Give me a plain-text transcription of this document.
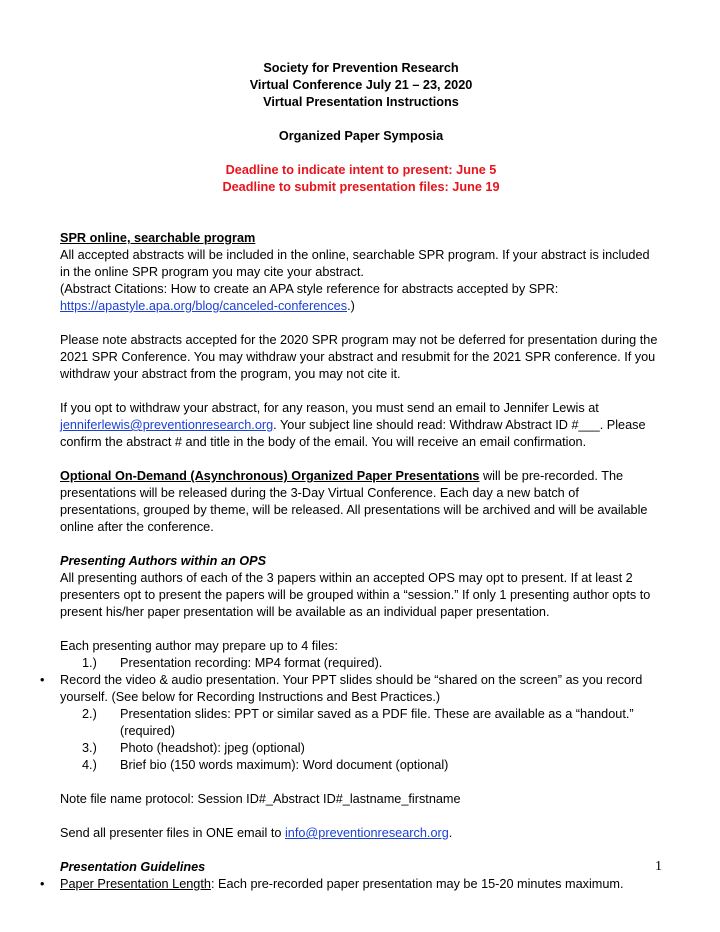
Society for Prevention Research

Virtual Conference July 21 – 23, 2020

Virtual Presentation Instructions

Organized Paper Symposia

Deadline to indicate intent to present: June 5

Deadline to submit presentation files: June 19

SPR online, searchable program

All accepted abstracts will be included in the online, searchable SPR program. If your abstract is included in the online SPR program you may cite your abstract.

(Abstract Citations: How to create an APA style reference for abstracts accepted by SPR:
https://apastyle.apa.org/blog/canceled-conferences.)

Please note abstracts accepted for the 2020 SPR program may not be deferred for presentation during the 2021 SPR Conference. You may withdraw your abstract and resubmit for the 2021 SPR conference. If you withdraw your abstract from the program, you may not cite it.

If you opt to withdraw your abstract, for any reason, you must send an email to Jennifer Lewis at jenniferlewis@preventionresearch.org. Your subject line should read: Withdraw Abstract ID #___. Please confirm the abstract # and title in the body of the email. You will receive an email confirmation.

Optional On-Demand (Asynchronous) Organized Paper Presentations will be pre-recorded. The presentations will be released during the 3-Day Virtual Conference. Each day a new batch of presentations, grouped by theme, will be released. All presentations will be archived and will be available online after the conference.

Presenting Authors within an OPS

All presenting authors of each of the 3 papers within an accepted OPS may opt to present. If at least 2 presenters opt to present the papers will be grouped within a “session.” If only 1 presenting author opts to present his/her paper presentation will be available as an individual paper presentation.

Each presenting author may prepare up to 4 files:

1.) Presentation recording: MP4 format (required).
• Record the video & audio presentation. Your PPT slides should be “shared on the screen” as you record yourself. (See below for Recording Instructions and Best Practices.)
2.) Presentation slides: PPT or similar saved as a PDF file. These are available as a “handout.” (required)
3.) Photo (headshot): jpeg (optional)
4.) Brief bio (150 words maximum): Word document (optional)

Note file name protocol: Session ID#_Abstract ID#_lastname_firstname

Send all presenter files in ONE email to info@preventionresearch.org.

Presentation Guidelines

• Paper Presentation Length: Each pre-recorded paper presentation may be 15-20 minutes maximum.
1
